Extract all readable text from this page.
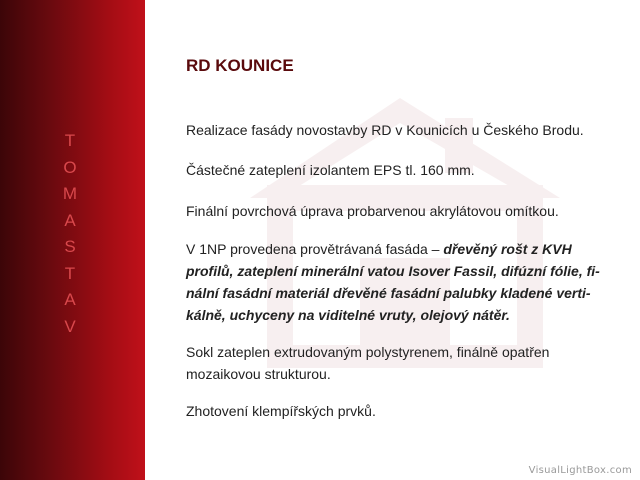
T
O
M
A
S
T
A
V
RD KOUNICE

Realizace fasády novostavby RD v Kounicích u Českého Brodu.

Částečné zateplení izolantem EPS tl. 160 mm.

Finální povrchová úprava probarvenou akrylátovou omítkou.

V 1NP provedena provětrávaná fasáda – dřevěný rošt z KVH
profilů, zateplení minerální vatou Isover Fassil, difúzní fólie, fi-
nální fasádní materiál dřevěné fasádní palubky kladené verti-
kálně, uchyceny na viditelné vruty, olejový nátěr.

Sokl zateplen extrudovaným polystyrenem, finálně opatřen
mozaikovou strukturou.

Zhotovení klempířských prvků.

VisualLightBox.com
